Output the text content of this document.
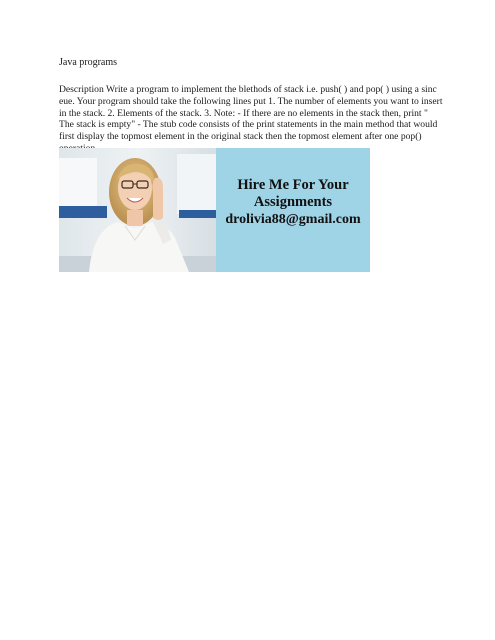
Java programs

Description Write a program to implement the blethods of stack i.e. push( ) and pop( ) using a sinc eue. Your program should take the following lines put 1. The number of elements you want to insert in the stack. 2. Elements of the stack. 3. Note: - If there are no elements in the stack then, print " The stack is empty" - The stub code consists of the print statements in the main method that would first display the topmost element in the original stack then the topmost element after one pop()

Hire Me For Your
Assignments
drolivia88@gmail.com
